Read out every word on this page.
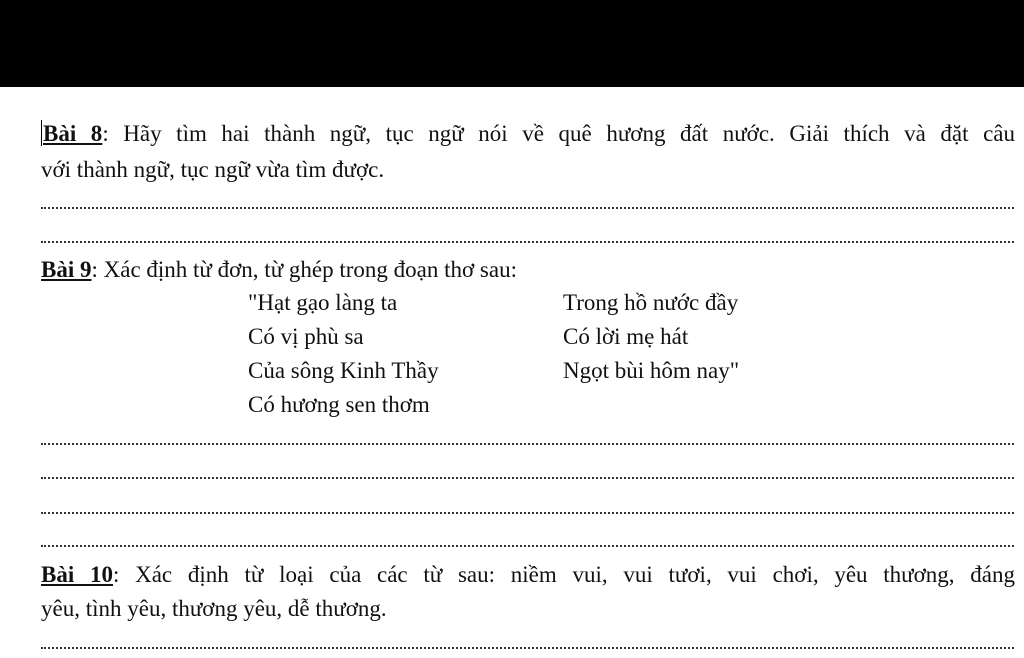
Bài 8: Hãy tìm hai thành ngữ, tục ngữ nói về quê hương đất nước. Giải thích và đặt câu
với thành ngữ, tục ngữ vừa tìm được.
Bài 9: Xác định từ đơn, từ ghép trong đoạn thơ sau:
"Hạt gạo làng ta
Có vị phù sa
Của sông Kinh Thầy
Có hương sen thơm
Trong hồ nước đầy
Có lời mẹ hát
Ngọt bùi hôm nay"
Bài 10: Xác định từ loại của các từ sau: niềm vui, vui tươi, vui chơi, yêu thương, đáng
yêu, tình yêu, thương yêu, dễ thương.
